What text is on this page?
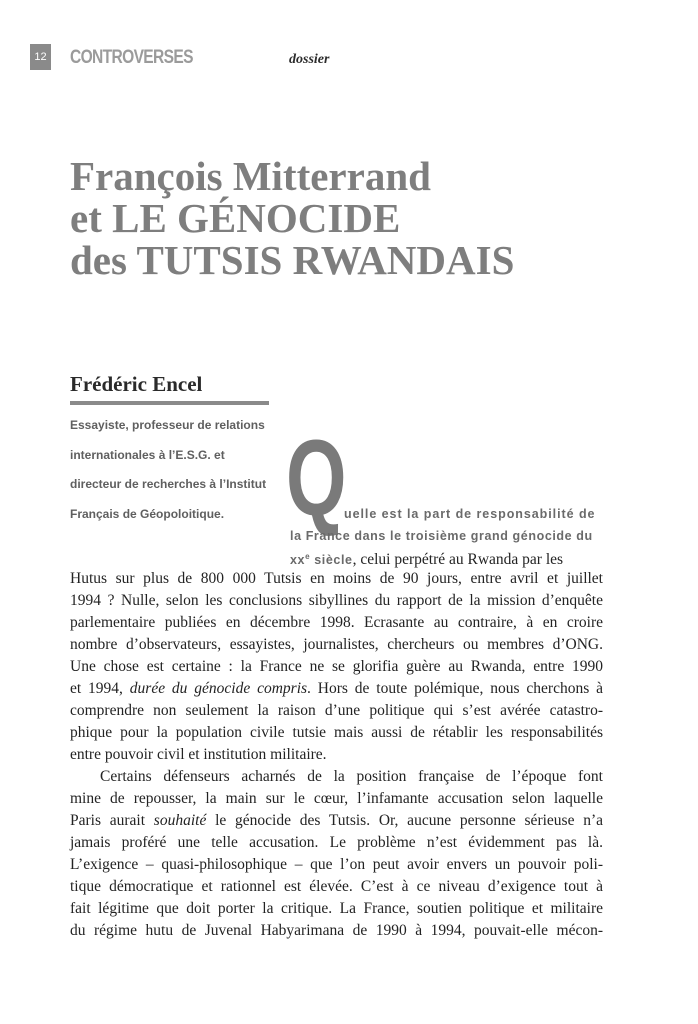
12 CONTROVERSES	dossier
François Mitterrand
et LE GÉNOCIDE
des TUTSIS RWANDAIS
Frédéric Encel
Essayiste, professeur de relations
internationales à l’E.S.G. et
directeur de recherches à l’Institut
Français de Géopoloitique. Q
uelle est la part de responsabilité de
la France dans le troisième grand génocide du
$xx^e$ siècle, celui perpétré au Rwanda par les
Hutus sur plus de 800 000 Tutsis en moins de 90 jours, entre avril et juillet
1994 ? Nulle, selon les conclusions sibyllines du rapport de la mission d’enquête
parlementaire publiées en décembre 1998. Ecrasante au contraire, à en croire
nombre d’observateurs, essayistes, journalistes, chercheurs ou membres d’ONG.
Une chose est certaine : la France ne se glorifia guère au Rwanda, entre 1990
et 1994, durée du génocide compris. Hors de toute polémique, nous cherchons à
comprendre non seulement la raison d’une politique qui s’est avérée catastro-
phique pour la population civile tutsie mais aussi de rétablir les responsabilités
entre pouvoir civil et institution militaire.
Certains défenseurs acharnés de la position française de l’époque font
mine de repousser, la main sur le cœur, l’infamante accusation selon laquelle
Paris aurait souhaité le génocide des Tutsis. Or, aucune personne sérieuse n’a
jamais proféré une telle accusation. Le problème n’est évidemment pas là.
L’exigence – quasi-philosophique – que l’on peut avoir envers un pouvoir poli-
tique démocratique et rationnel est élevée. C’est à ce niveau d’exigence tout à
fait légitime que doit porter la critique. La France, soutien politique et militaire
du régime hutu de Juvenal Habyarimana de 1990 à 1994, pouvait-elle mécon-
